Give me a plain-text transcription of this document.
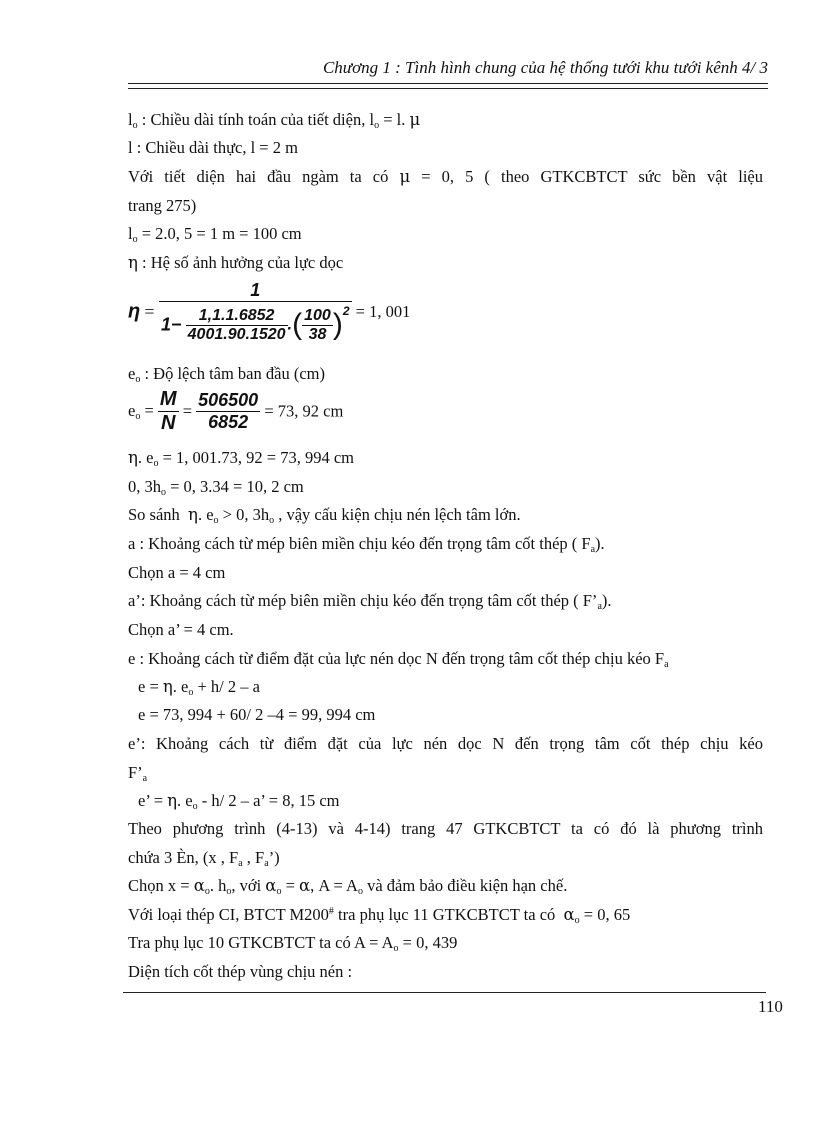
Chương 1 : Tình hình chung của hệ thống tưới khu tưới kênh 4/ 3
$l_o$ : Chiều dài tính toán của tiết diện, $l_o = l$. μ
l : Chiều dài thực, l = 2 m
Với tiết diện hai đầu ngàm ta có μ = 0, 5 ( theo GTKCBTCT sức bền vật liệu
trang 275)
$l_o = 2.0$, 5 = 1 m = 100 cm
η : Hệ số ảnh hưởng của lực dọc
η =
1
$1- \frac{1,1.1.6852}{4001.90.1520}$ .( $\frac{100}{38} )^2 = 1$, 001
$e_o$ : Độ lệch tâm ban đầu (cm)
$e_o = \frac{M}{N} = \frac{506500}{6852} = 73$, 92 cm
η. $e_o = 1$, 001.73, 92 = 73, 994 cm
0, $3h_o = 0$, 3.34 = 10, 2 cm
So sánh η. $e_o > 0$, $3h_o$ , vậy cấu kiện chịu nén lệch tâm lớn.
a : Khoảng cách từ mép biên miền chịu kéo đến trọng tâm cốt thép ( $F_a$).
Chọn a = 4 cm
a’: Khoảng cách từ mép biên miền chịu kéo đến trọng tâm cốt thép ( $F’_a$).
Chọn a’ = 4 cm.
e : Khoảng cách từ điểm đặt của lực nén dọc N đến trọng tâm cốt thép chịu kéo $F_a$
e = η. $e_o + h/$ 2 – a
e = 73, 994 + 60/ 2 –4 = 99, 994 cm
e’: Khoảng cách từ điểm đặt của lực nén dọc N đến trọng tâm cốt thép chịu kéo
$F’_a$
e’ = η. $e_o - h/$ 2 – a’ = 8, 15 cm
Theo phương trình (4-13) và 4-14) trang 47 GTKCBTCT ta có đó là phương trình
chứa 3 Èn, (x , $F_a$ , $F_a$’)
Chọn $x = \alpha_o$. $h_o$, với $\alpha_o = \alpha$, $A = A_o$ và đảm bảo điều kiện hạn chế.
Với loại thép CI, BTCT M200# tra phụ lục 11 GTKCBTCT ta có $\alpha_o = 0$, 65
Tra phụ lục 10 GTKCBTCT ta có $A = A_o = 0$, 439
Diện tích cốt thép vùng chịu nén :
110
